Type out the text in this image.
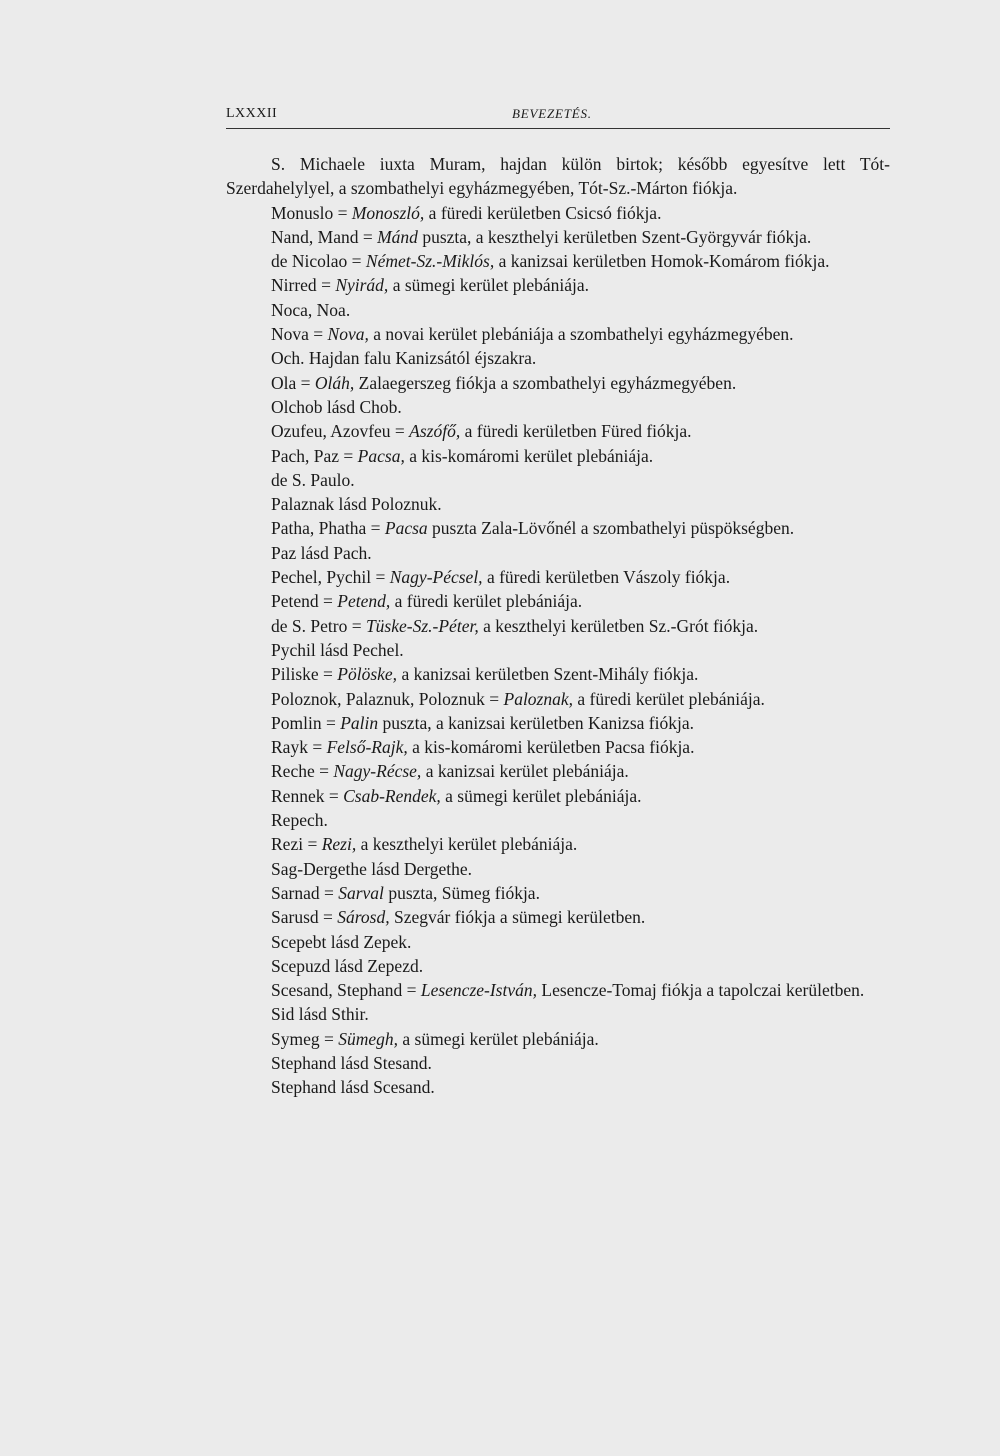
LXXXII	BEVEZETÉS.

S. Michaele iuxta Muram, hajdan külön birtok; később egyesítve lett Tót-Szerdahelylyel, a szombathelyi egyházmegyében, Tót-Sz.-Márton fiókja.

Monuslo = Monoszló, a füredi kerületben Csicsó fiókja.

Nand, Mand = Mánd puszta, a keszthelyi kerületben Szent-Györgyvár fiókja.

de Nicolao = Német-Sz.-Miklós, a kanizsai kerületben Homok-Komárom fiókja.

Nirred = Nyirád, a sümegi kerület plebániája.

Noca, Noa.

Nova = Nova, a novai kerület plebániája a szombathelyi egyházmegyében.

Och. Hajdan falu Kanizsától éjszakra.

Ola = Oláh, Zalaegerszeg fiókja a szombathelyi egyházmegyében.

Olchob lásd Chob.

Ozufeu, Azovfeu = Aszófő, a füredi kerületben Füred fiókja.

Pach, Paz = Pacsa, a kis-komáromi kerület plebániája.

de S. Paulo.

Palaznak lásd Poloznuk.

Patha, Phatha = Pacsa puszta Zala-Lövőnél a szombathelyi püspökségben.

Paz lásd Pach.

Pechel, Pychil = Nagy-Pécsel, a füredi kerületben Vászoly fiókja.

Petend = Petend, a füredi kerület plebániája.

de S. Petro = Tüske-Sz.-Péter, a keszthelyi kerületben Sz.-Grót fiókja.

Pychil lásd Pechel.

Piliske = Pölöske, a kanizsai kerületben Szent-Mihály fiókja.

Poloznok, Palaznuk, Poloznuk = Paloznak, a füredi kerület plebániája.

Pomlin = Palin puszta, a kanizsai kerületben Kanizsa fiókja.

Rayk = Felső-Rajk, a kis-komáromi kerületben Pacsa fiókja.

Reche = Nagy-Récse, a kanizsai kerület plebániája.

Rennek = Csab-Rendek, a sümegi kerület plebániája.

Repech.

Rezi = Rezi, a keszthelyi kerület plebániája.

Sag-Dergethe lásd Dergethe.

Sarnad = Sarval puszta, Sümeg fiókja.

Sarusd = Sárosd, Szegvár fiókja a sümegi kerületben.

Scepebt lásd Zepek.

Scepuzd lásd Zepezd.

Scesand, Stephand = Lesencze-István, Lesencze-Tomaj fiókja a tapolczai kerületben.

Sid lásd Sthir.

Symeg = Sümegh, a sümegi kerület plebániája.

Stephand lásd Stesand.

Stephand lásd Scesand.
